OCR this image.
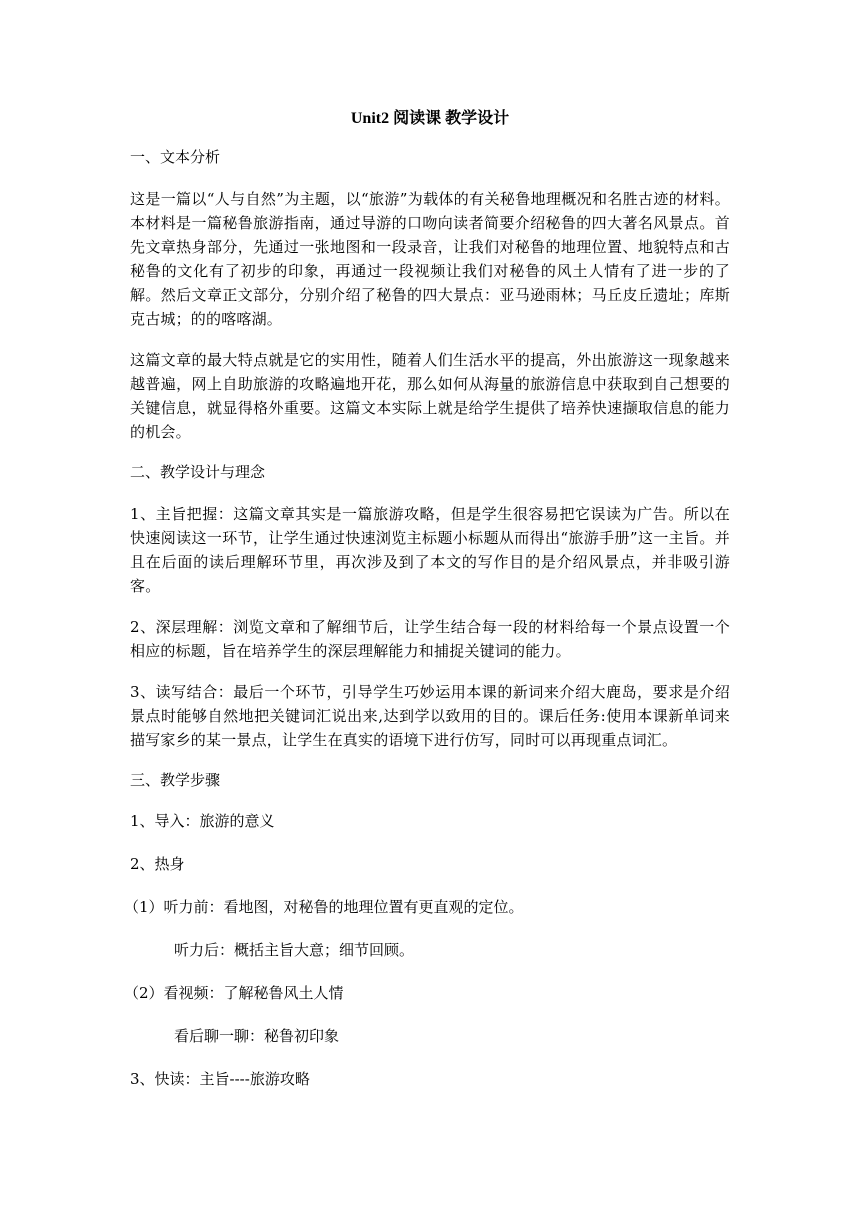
Unit2 阅读课 教学设计
一、文本分析
这是一篇以“人与自然”为主题，以“旅游”为载体的有关秘鲁地理概况和名胜古迹的材料。本材料是一篇秘鲁旅游指南，通过导游的口吻向读者简要介绍秘鲁的四大著名风景点。首先文章热身部分，先通过一张地图和一段录音，让我们对秘鲁的地理位置、地貌特点和古秘鲁的文化有了初步的印象，再通过一段视频让我们对秘鲁的风土人情有了进一步的了解。然后文章正文部分，分别介绍了秘鲁的四大景点：亚马逊雨林；马丘皮丘遗址；库斯克古城；的的喀喀湖。
这篇文章的最大特点就是它的实用性，随着人们生活水平的提高，外出旅游这一现象越来越普遍，网上自助旅游的攻略遍地开花，那么如何从海量的旅游信息中获取到自己想要的关键信息，就显得格外重要。这篇文本实际上就是给学生提供了培养快速撷取信息的能力的机会。
二、教学设计与理念
1、主旨把握：这篇文章其实是一篇旅游攻略，但是学生很容易把它误读为广告。所以在快速阅读这一环节，让学生通过快速浏览主标题小标题从而得出“旅游手册”这一主旨。并且在后面的读后理解环节里，再次涉及到了本文的写作目的是介绍风景点，并非吸引游客。
2、深层理解：浏览文章和了解细节后，让学生结合每一段的材料给每一个景点设置一个相应的标题，旨在培养学生的深层理解能力和捕捉关键词的能力。
3、读写结合：最后一个环节，引导学生巧妙运用本课的新词来介绍大鹿岛，要求是介绍景点时能够自然地把关键词汇说出来,达到学以致用的目的。课后任务:使用本课新单词来描写家乡的某一景点，让学生在真实的语境下进行仿写，同时可以再现重点词汇。
三、教学步骤
1、导入：旅游的意义
2、热身
（1）听力前：看地图，对秘鲁的地理位置有更直观的定位。
听力后：概括主旨大意；细节回顾。
（2）看视频：了解秘鲁风土人情
看后聊一聊：秘鲁初印象
3、快读：主旨----旅游攻略
